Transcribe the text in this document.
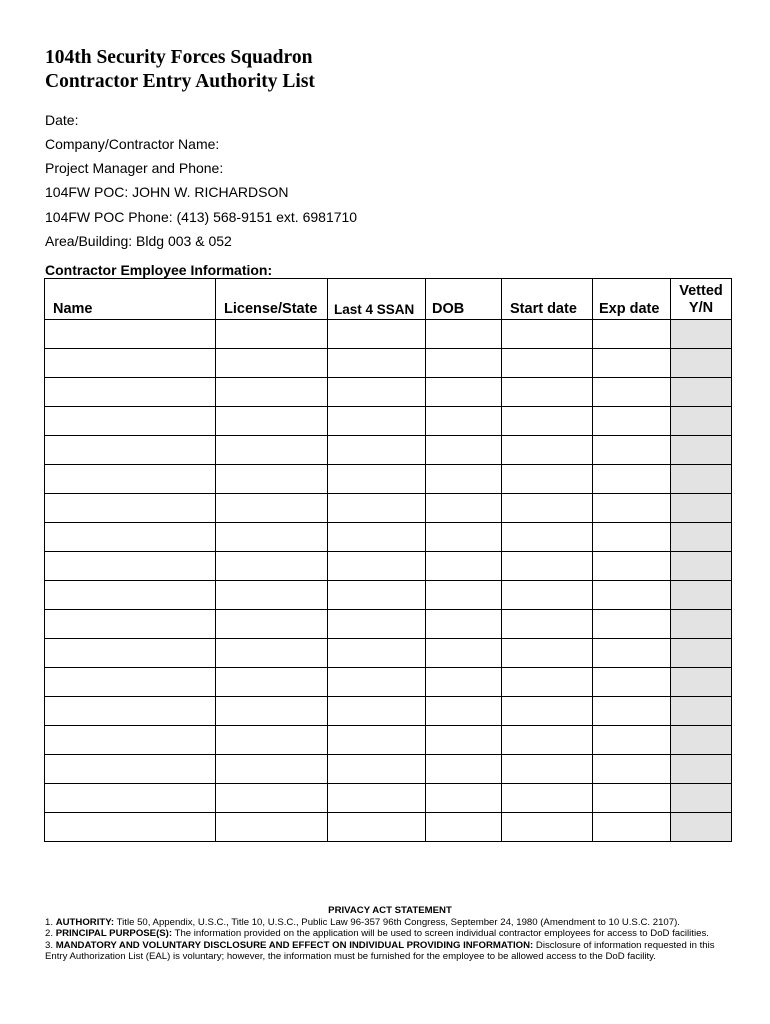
104th Security Forces Squadron
Contractor Entry Authority List
Date:
Company/Contractor Name:
Project Manager and Phone:
104FW POC: JOHN W. RICHARDSON
104FW POC Phone: (413) 568-9151 ext. 6981710
Area/Building: Bldg 003 & 052
Contractor Employee Information:
Name	License/State	Last 4 SSAN	DOB	Start date	Exp date	Vetted
Y/N

PRIVACY ACT STATEMENT

1. AUTHORITY: Title 50, Appendix, U.S.C., Title 10, U.S.C., Public Law 96-357 96th Congress, September 24, 1980 (Amendment to 10 U.S.C. 2107).

2. PRINCIPAL PURPOSE(S): The information provided on the application will be used to screen individual contractor employees for access to DoD facilities.

3. MANDATORY AND VOLUNTARY DISCLOSURE AND EFFECT ON INDIVIDUAL PROVIDING INFORMATION: Disclosure of information requested in this Entry Authorization List (EAL) is voluntary; however, the information must be furnished for the employee to be allowed access to the DoD facility.
